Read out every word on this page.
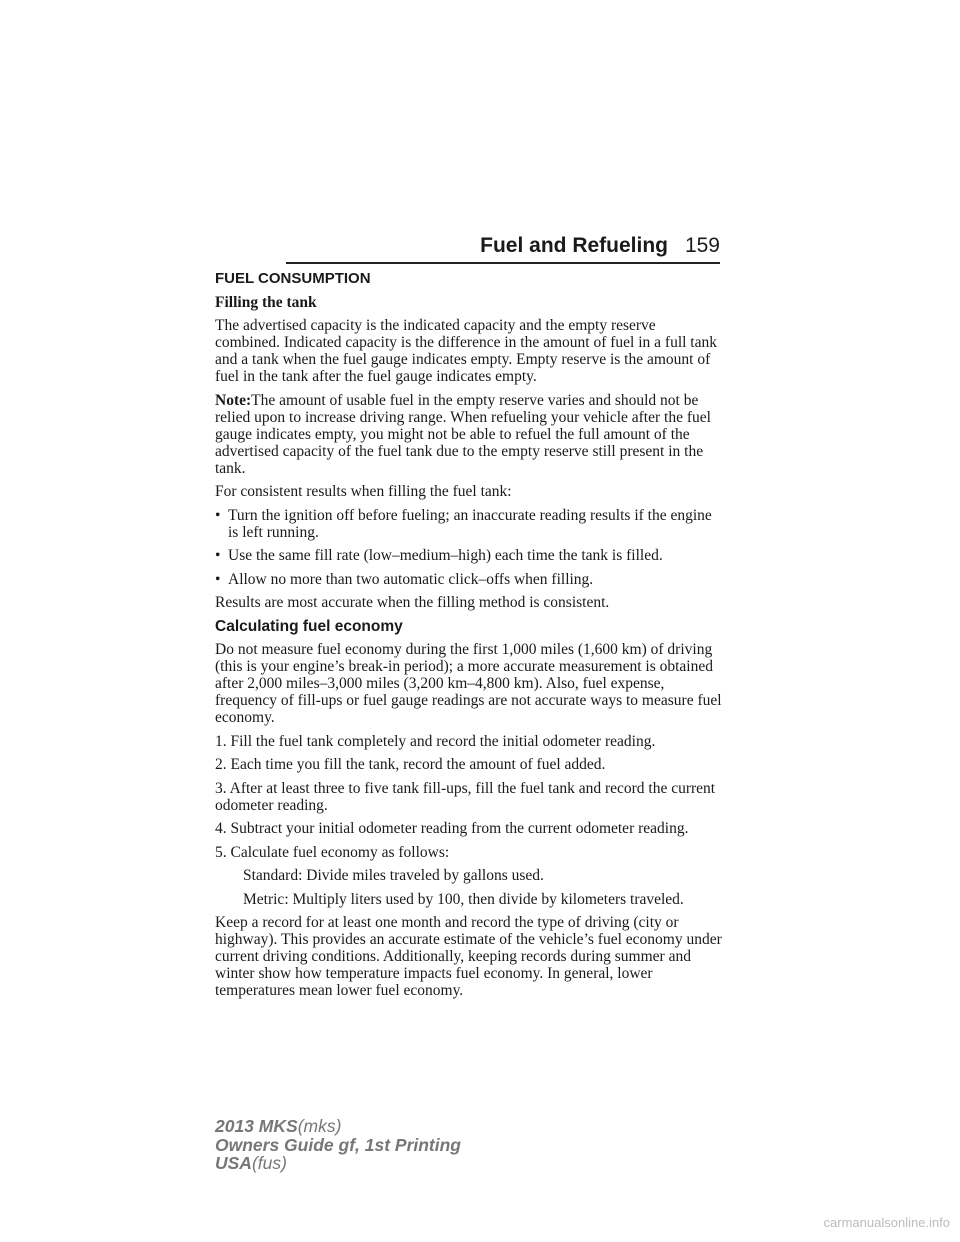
Fuel and Refueling 159

FUEL CONSUMPTION

Filling the tank

The advertised capacity is the indicated capacity and the empty reserve combined. Indicated capacity is the difference in the amount of fuel in a full tank and a tank when the fuel gauge indicates empty. Empty reserve is the amount of fuel in the tank after the fuel gauge indicates empty.

Note:The amount of usable fuel in the empty reserve varies and should not be relied upon to increase driving range. When refueling your vehicle after the fuel gauge indicates empty, you might not be able to refuel the full amount of the advertised capacity of the fuel tank due to the empty reserve still present in the tank.

For consistent results when filling the fuel tank:

• Turn the ignition off before fueling; an inaccurate reading results if the engine is left running.
• Use the same fill rate (low–medium–high) each time the tank is filled.
• Allow no more than two automatic click–offs when filling.

Results are most accurate when the filling method is consistent.

Calculating fuel economy

Do not measure fuel economy during the first 1,000 miles (1,600 km) of driving (this is your engine’s break-in period); a more accurate measurement is obtained after 2,000 miles–3,000 miles (3,200 km–4,800 km). Also, fuel expense, frequency of fill-ups or fuel gauge readings are not accurate ways to measure fuel economy.

1. Fill the fuel tank completely and record the initial odometer reading.

2. Each time you fill the tank, record the amount of fuel added.

3. After at least three to five tank fill-ups, fill the fuel tank and record the current odometer reading.

4. Subtract your initial odometer reading from the current odometer reading.

5. Calculate fuel economy as follows:

Standard: Divide miles traveled by gallons used.

Metric: Multiply liters used by 100, then divide by kilometers traveled.

Keep a record for at least one month and record the type of driving (city or highway). This provides an accurate estimate of the vehicle’s fuel economy under current driving conditions. Additionally, keeping records during summer and winter show how temperature impacts fuel economy. In general, lower temperatures mean lower fuel economy.

2013 MKS(mks)
Owners Guide gf, 1st Printing
USA(fus)
carmanualsonline.info
